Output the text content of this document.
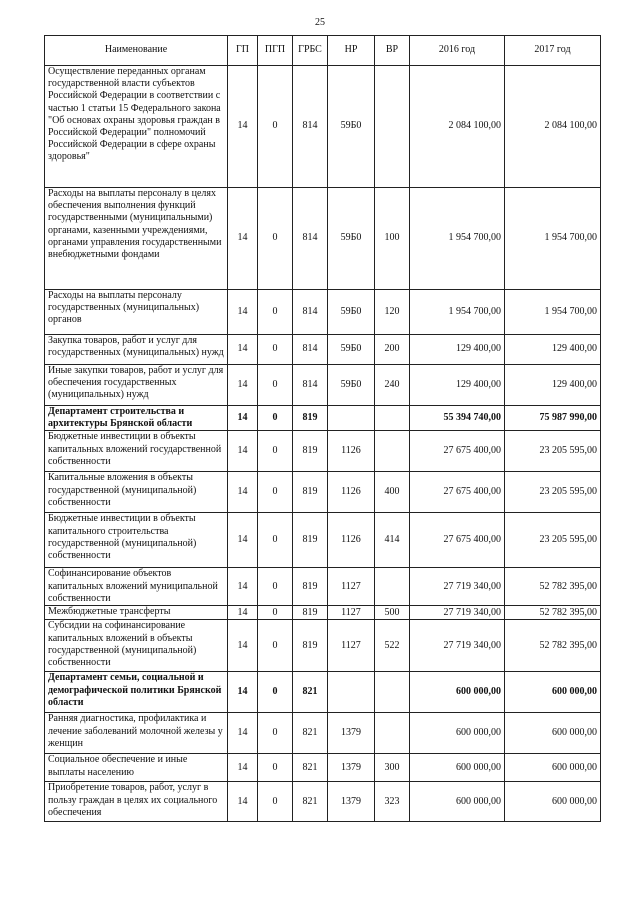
25
Наименование	ГП	ПГП	ГРБС	НР	ВР	2016 год	2017 год
Осуществление переданных органам государственной власти субъектов Российской Федерации в соответствии с частью 1 статьи 15 Федерального закона "Об основах охраны здоровья граждан в Российской Федерации" полномочий Российской Федерации в сфере охраны здоровья"	14	0	814	59Б0		2 084 100,00	2 084 100,00
Расходы на выплаты персоналу в целях обеспечения выполнения функций государственными (муниципальными) органами, казенными учреждениями, органами управления государственными внебюджетными фондами	14	0	814	59Б0	100	1 954 700,00	1 954 700,00
Расходы на выплаты персоналу государственных (муниципальных) органов	14	0	814	59Б0	120	1 954 700,00	1 954 700,00
Закупка товаров, работ и услуг для государственных (муниципальных) нужд	14	0	814	59Б0	200	129 400,00	129 400,00
Иные закупки товаров, работ и услуг для обеспечения государственных (муниципальных) нужд	14	0	814	59Б0	240	129 400,00	129 400,00
Департамент строительства и архитектуры Брянской области	14	0	819			55 394 740,00	75 987 990,00
Бюджетные инвестиции в объекты капитальных вложений государственной собственности	14	0	819	1126		27 675 400,00	23 205 595,00
Капитальные вложения в объекты государственной (муниципальной) собственности	14	0	819	1126	400	27 675 400,00	23 205 595,00
Бюджетные инвестиции в объекты капитального строительства государственной (муниципальной) собственности	14	0	819	1126	414	27 675 400,00	23 205 595,00
Софинансирование объектов капитальных вложений муниципальной собственности	14	0	819	1127		27 719 340,00	52 782 395,00
Межбюджетные трансферты	14	0	819	1127	500	27 719 340,00	52 782 395,00
Субсидии на софинансирование капитальных вложений в объекты государственной (муниципальной) собственности	14	0	819	1127	522	27 719 340,00	52 782 395,00
Департамент семьи, социальной и демографической политики Брянской области	14	0	821			600 000,00	600 000,00
Ранняя диагностика, профилактика и лечение заболеваний молочной железы у женщин	14	0	821	1379		600 000,00	600 000,00
Социальное обеспечение и иные выплаты населению	14	0	821	1379	300	600 000,00	600 000,00
Приобретение товаров, работ, услуг в пользу граждан в целях их социального обеспечения	14	0	821	1379	323	600 000,00	600 000,00
